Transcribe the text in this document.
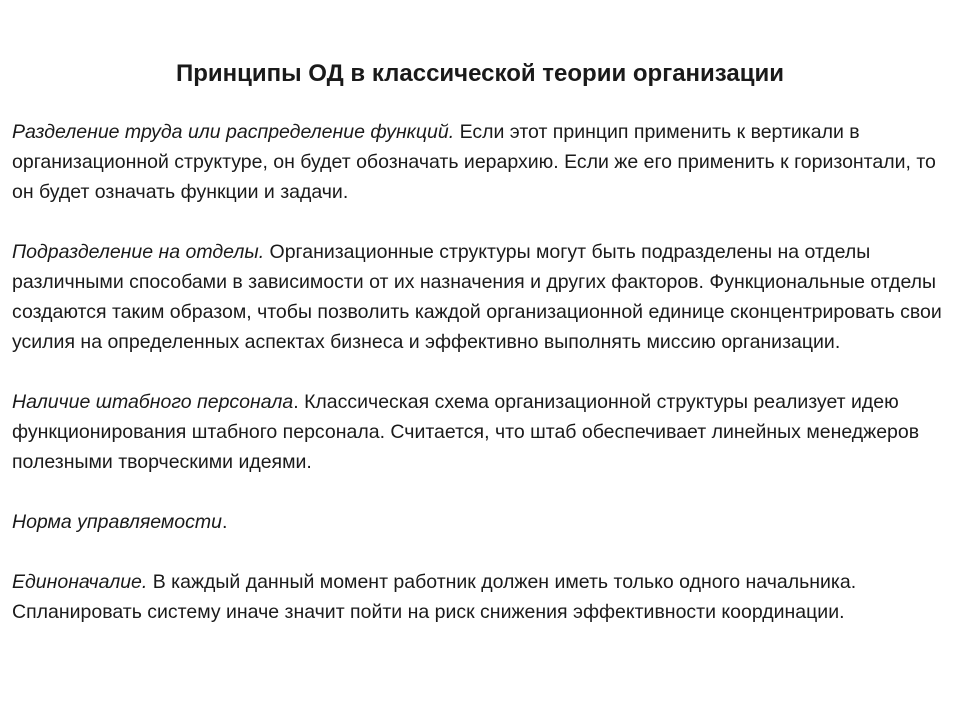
Принципы ОД в классической теории организации

Разделение труда или распределение функций. Если этот принцип применить к вертикали в организационной структуре, он будет обозначать иерархию. Если же его применить к горизонтали, то он будет означать функции и задачи.

Подразделение на отделы. Организационные структуры могут быть подразделены на отделы различными способами в зависимости от их назначения и других факторов. Функциональные отделы создаются таким образом, чтобы позволить каждой организационной единице сконцентрировать свои усилия на определенных аспектах бизнеса и эффективно выполнять миссию организации.

Наличие штабного персонала. Классическая схема организационной структуры реализует идею функционирования штабного персонала. Считается, что штаб обеспечивает линейных менеджеров полезными творческими идеями.

Норма управляемости.

Единоначалие. В каждый данный момент работник должен иметь только одного начальника. Спланировать систему иначе значит пойти на риск снижения эффективности координации.
